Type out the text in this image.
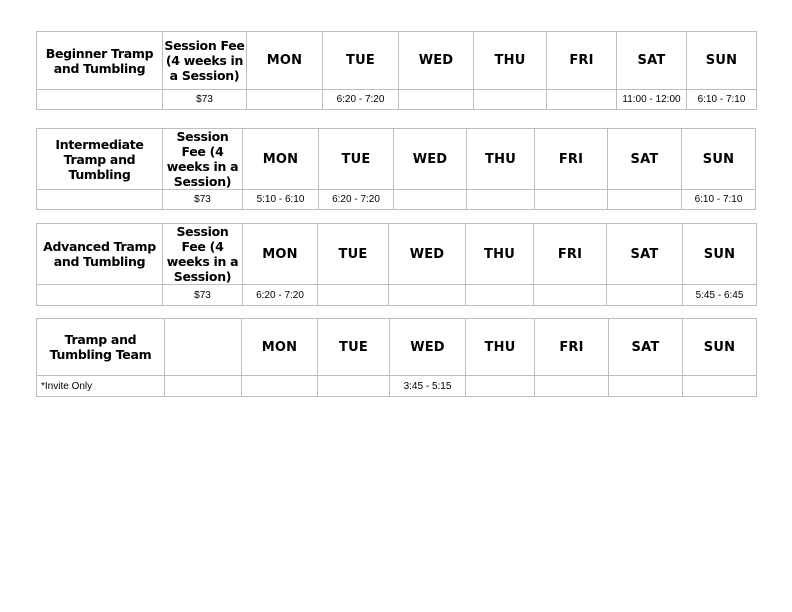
Beginner Tramp and Tumbling	Session Fee (4 weeks in a Session)	MON	TUE	WED	THU	FRI	SAT	SUN
	$73		6:20 - 7:20				11:00 - 12:00	6:10 - 7:10
Intermediate Tramp and Tumbling	Session Fee (4 weeks in a Session)	MON	TUE	WED	THU	FRI	SAT	SUN
	$73	5:10 - 6:10	6:20 - 7:20					6:10 - 7:10
Advanced Tramp and Tumbling	Session Fee (4 weeks in a Session)	MON	TUE	WED	THU	FRI	SAT	SUN
	$73	6:20 - 7:20						5:45 - 6:45
Tramp and Tumbling Team		MON	TUE	WED	THU	FRI	SAT	SUN
*Invite Only				3:45 - 5:15				
